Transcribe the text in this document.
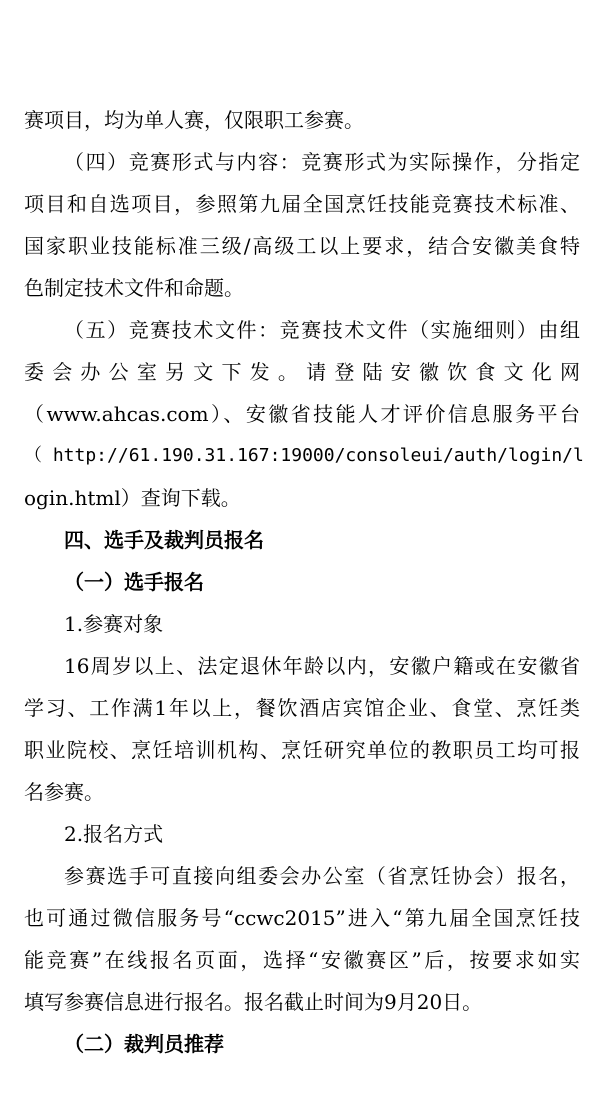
赛项目，均为单人赛，仅限职工参赛。
（四）竞赛形式与内容：竞赛形式为实际操作，分指定
项目和自选项目，参照第九届全国烹饪技能竞赛技术标准、
国家职业技能标准三级/高级工以上要求，结合安徽美食特
色制定技术文件和命题。
（五）竞赛技术文件：竞赛技术文件（实施细则）由组
委会办公室另文下发。请登陆安徽饮食文化网
（www.ahcas.com）、安徽省技能人才评价信息服务平台
（ http://61.190.31.167:19000/consoleui/auth/login/l
ogin.html）查询下载。
四、选手及裁判员报名
（一）选手报名
1.参赛对象
16周岁以上、法定退休年龄以内，安徽户籍或在安徽省
学习、工作满1年以上，餐饮酒店宾馆企业、食堂、烹饪类
职业院校、烹饪培训机构、烹饪研究单位的教职员工均可报
名参赛。
2.报名方式
参赛选手可直接向组委会办公室（省烹饪协会）报名，
也可通过微信服务号“ccwc2015”进入“第九届全国烹饪技
能竞赛”在线报名页面，选择“安徽赛区”后，按要求如实
填写参赛信息进行报名。报名截止时间为9月20日。
（二）裁判员推荐
